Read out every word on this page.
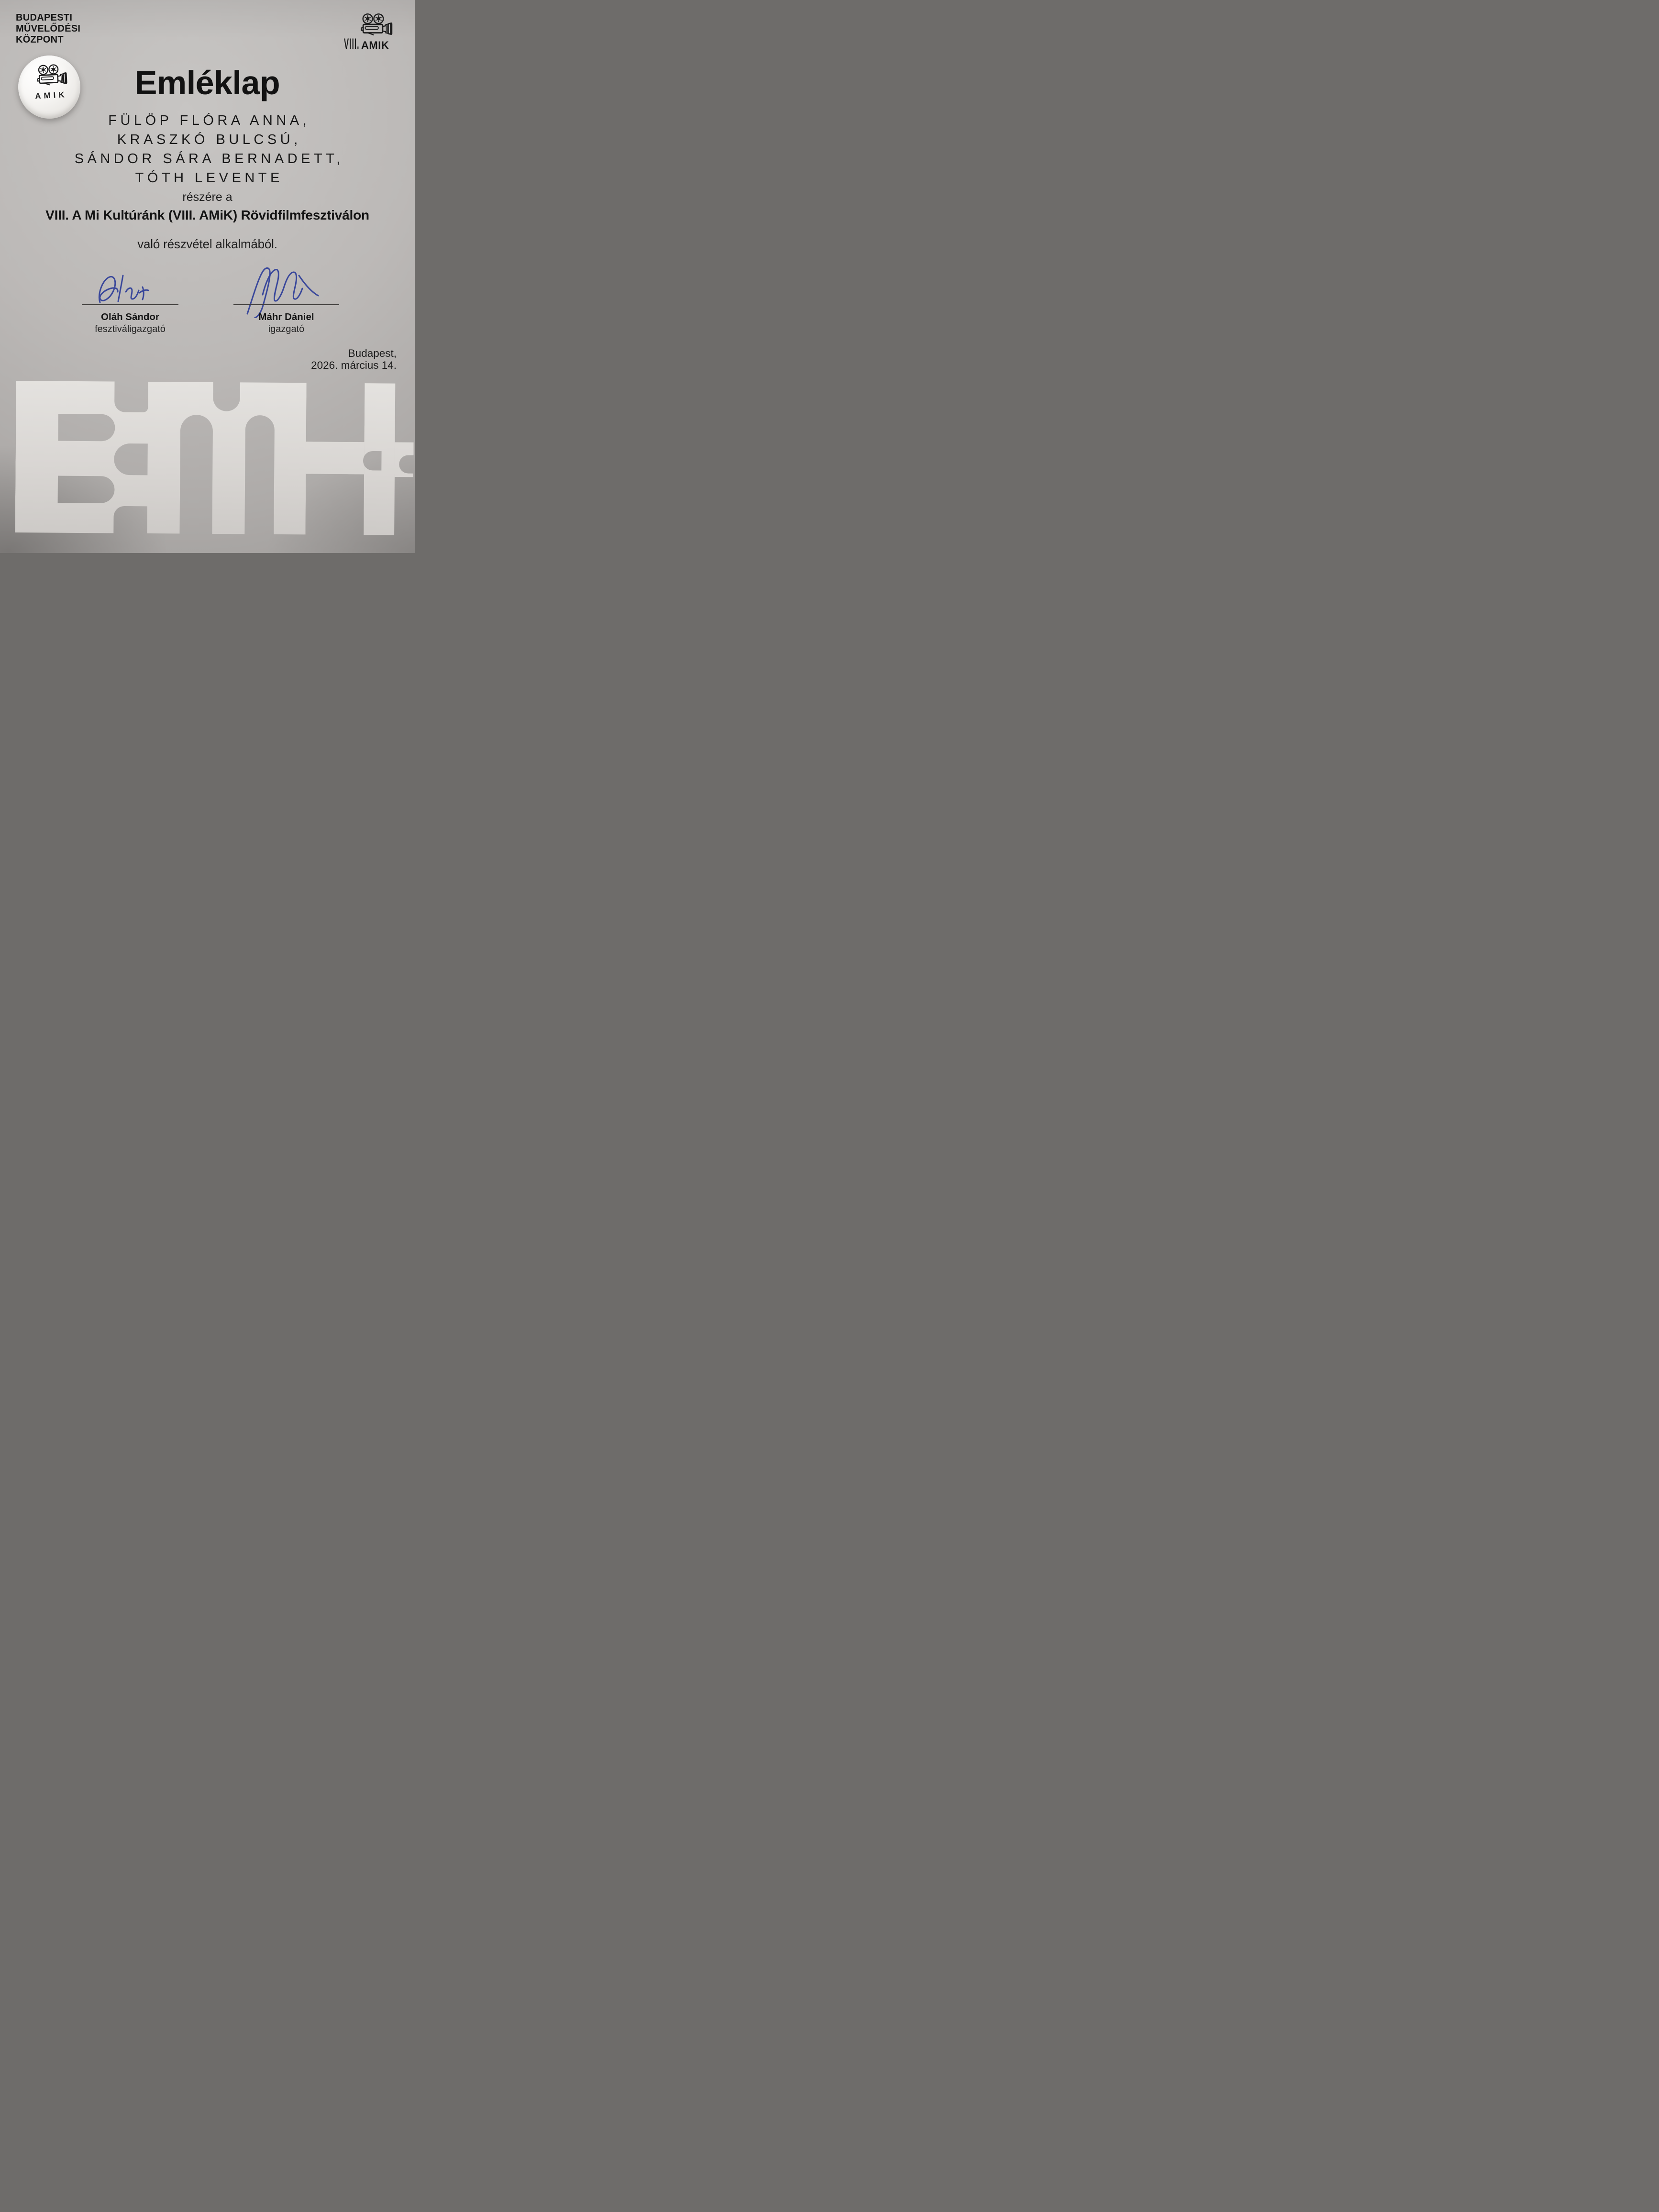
BUDAPESTI
MŰVELŐDÉSI
KÖZPONT	VIII. AMIK
AMIK	Emléklap
FÜLÖP FLÓRA ANNA,
KRASZKÓ BULCSÚ,
SÁNDOR SÁRA BERNADETT,
TÓTH LEVENTE
részére a
VIII. A Mi Kultúránk (VIII. AMiK) Rövidfilmfesztiválon
való részvétel alkalmából.
Oláh Sándor
fesztiváligazgató
Máhr Dániel
igazgató
Budapest,
2026. március 14.
